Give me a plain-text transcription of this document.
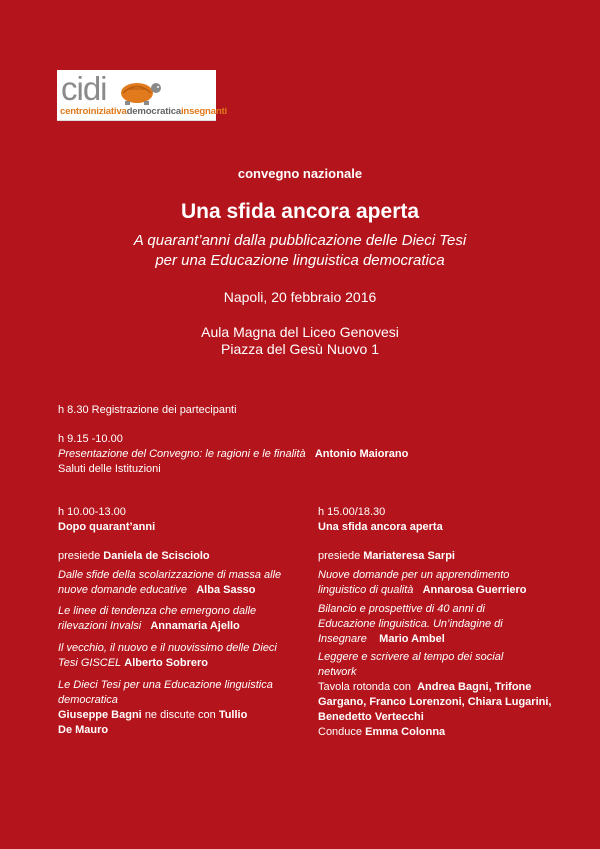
cidi
centroiniziativademocraticainsegnanti
convegno nazionale
Una sfida ancora aperta
A quarant’anni dalla pubblicazione delle Dieci Tesi
per una Educazione linguistica democratica
Napoli, 20 febbraio 2016
Aula Magna del Liceo Genovesi
Piazza del Gesù Nuovo 1
h 8.30 Registrazione dei partecipanti
h 9.15 -10.00
Presentazione del Convegno: le ragioni e le finalità Antonio Maiorano
Saluti delle Istituzioni
h 10.00-13.00
Dopo quarant’anni
presiede Daniela de Scisciolo
Dalle sfide della scolarizzazione di massa alle
nuove domande educative Alba Sasso
Le linee di tendenza che emergono dalle
rilevazioni Invalsi Annamaria Ajello
Il vecchio, il nuovo e il nuovissimo delle Dieci
Tesi GISCEL Alberto Sobrero
Le Dieci Tesi per una Educazione linguistica
democratica
Giuseppe Bagni ne discute con Tullio
De Mauro
h 15.00/18.30
Una sfida ancora aperta
presiede Mariateresa Sarpi
Nuove domande per un apprendimento
linguistico di qualità Annarosa Guerriero
Bilancio e prospettive di 40 anni di
Educazione linguistica. Un’indagine di
Insegnare Mario Ambel
Leggere e scrivere al tempo dei social
network
Tavola rotonda con Andrea Bagni, Trifone
Gargano, Franco Lorenzoni, Chiara Lugarini,
Benedetto Vertecchi
Conduce Emma Colonna
